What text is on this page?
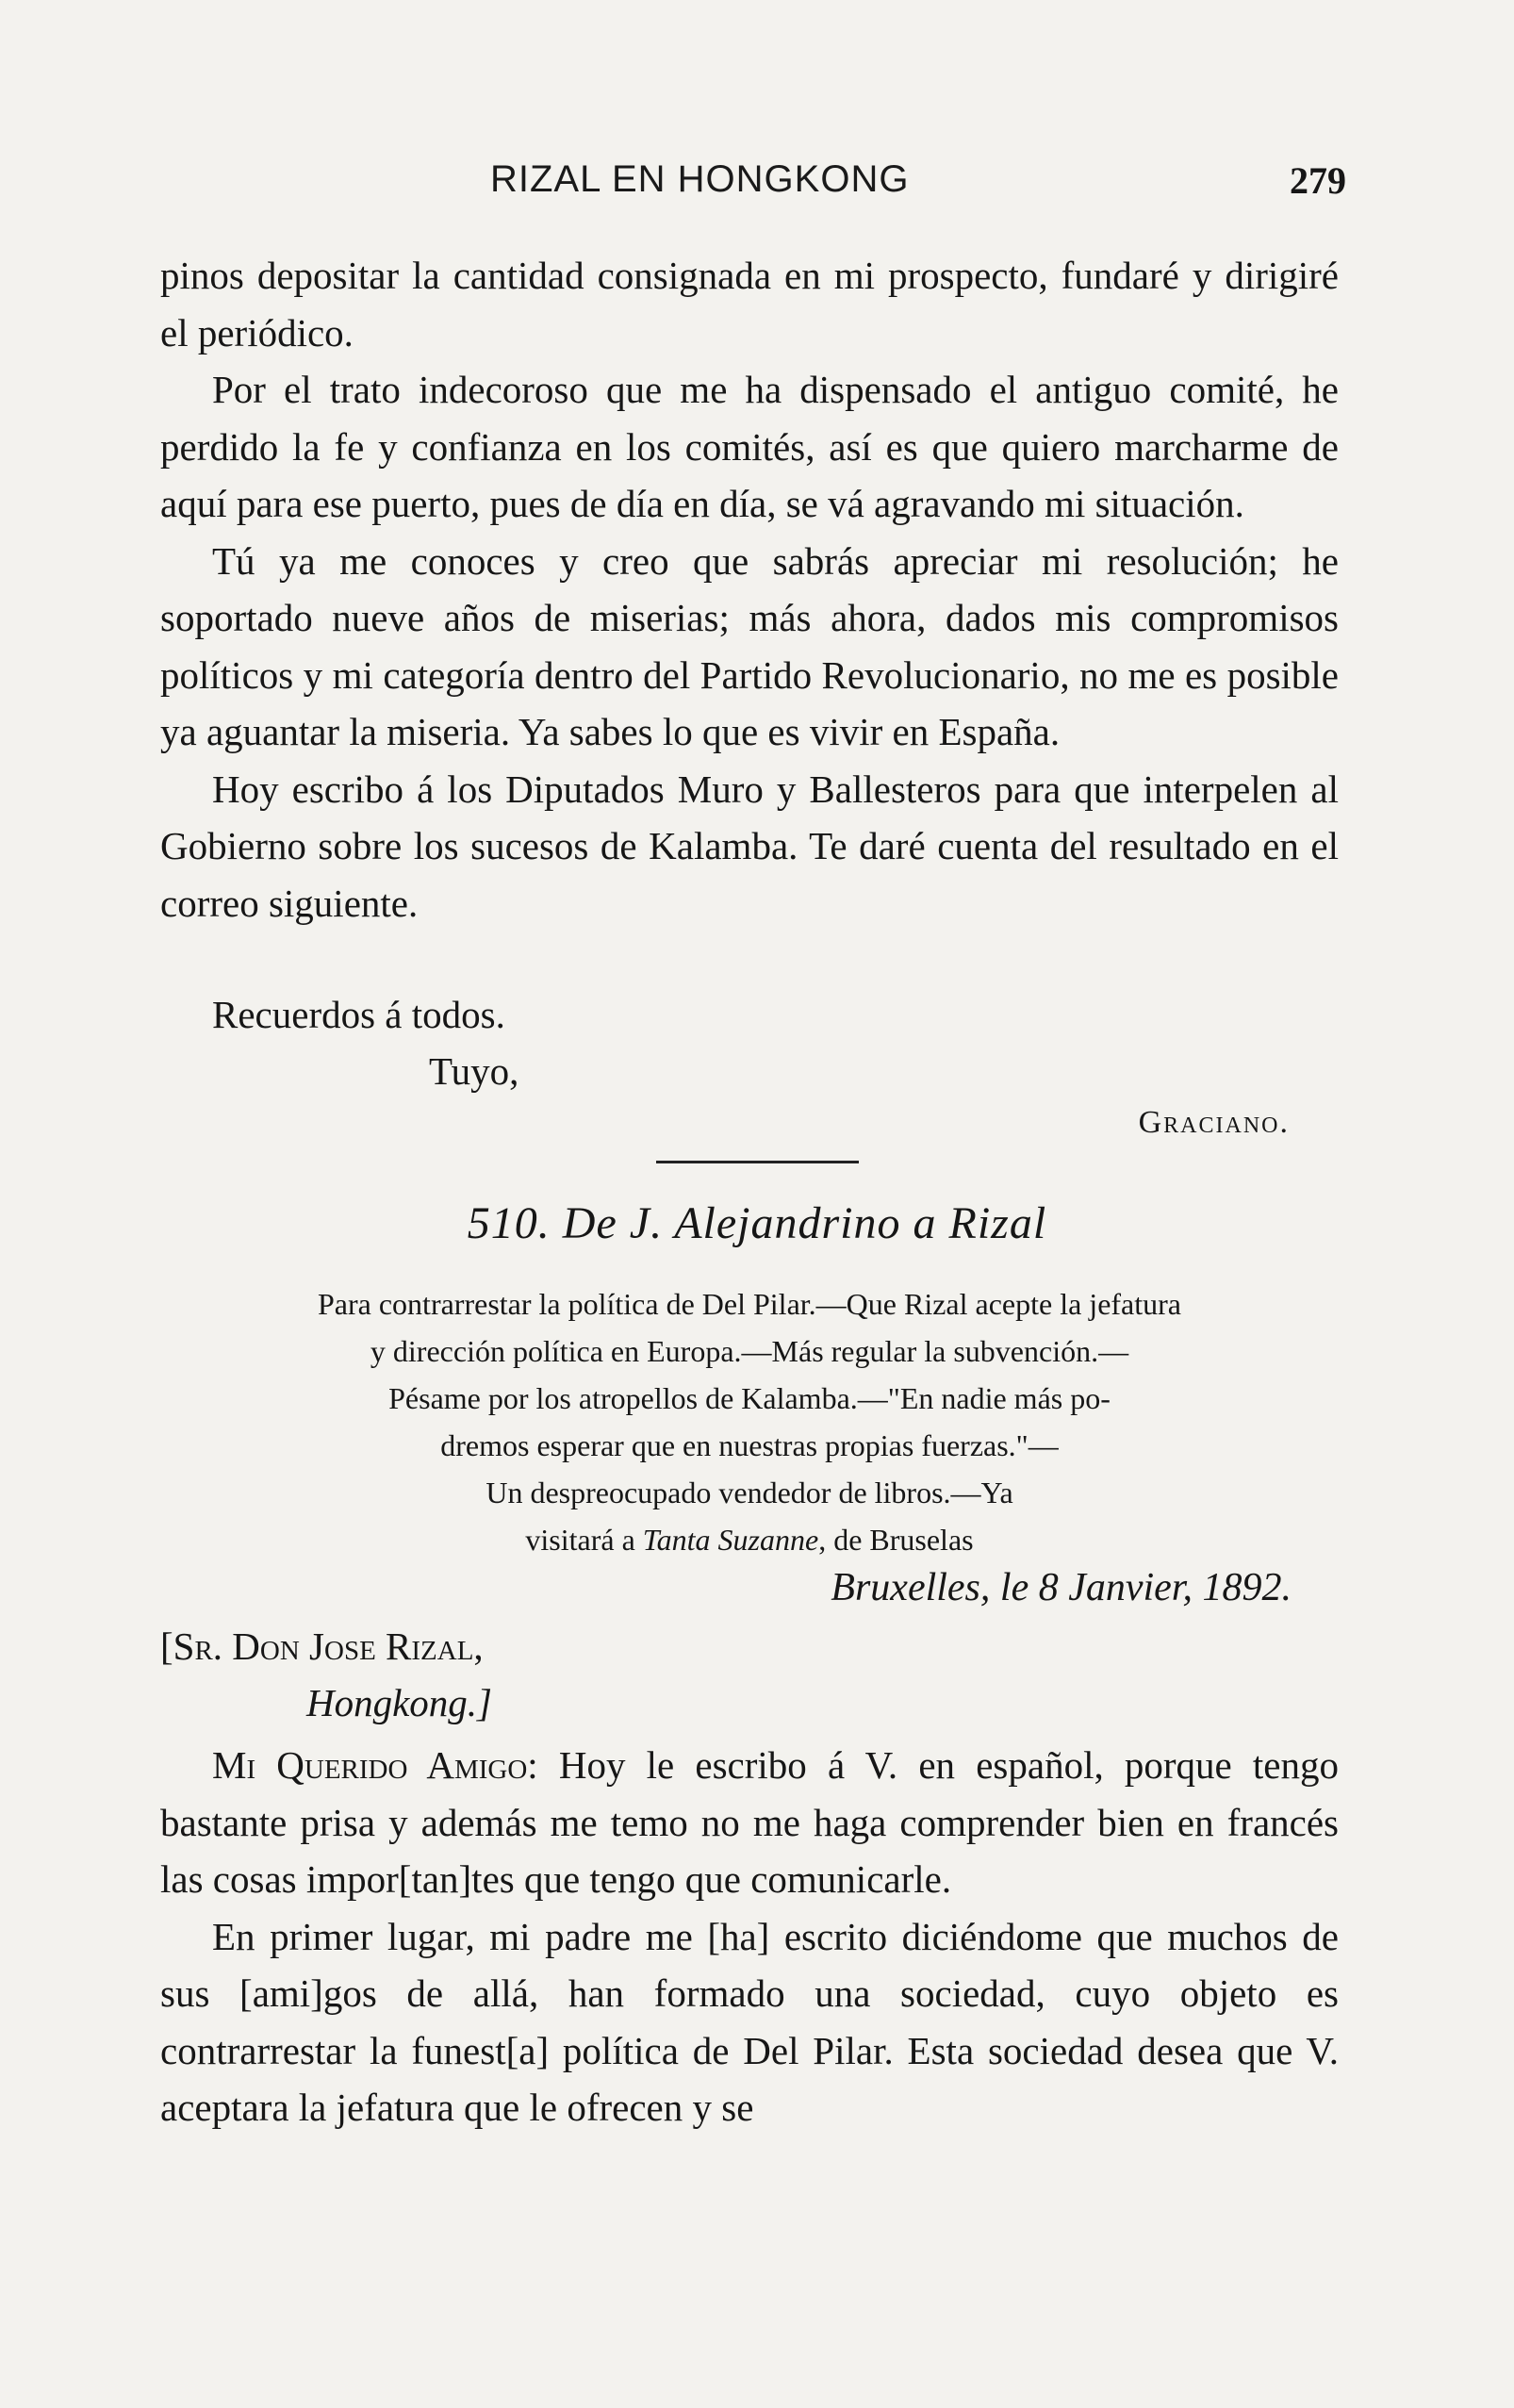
RIZAL EN HONGKONG	279

pinos depositar la cantidad consignada en mi prospecto, fundaré y dirigiré el periódico.

Por el trato indecoroso que me ha dispensado el antiguo comité, he perdido la fe y confianza en los comités, así es que quiero marcharme de aquí para ese puerto, pues de día en día, se vá agravando mi situación.

Tú ya me conoces y creo que sabrás apreciar mi resolución; he soportado nueve años de miserias; más ahora, dados mis compromisos políticos y mi categoría dentro del Partido Revolucionario, no me es posible ya aguantar la miseria. Ya sabes lo que es vivir en España.

Hoy escribo á los Diputados Muro y Ballesteros para que interpelen al Gobierno sobre los sucesos de Kalamba. Te daré cuenta del resultado en el correo siguiente.

Recuerdos á todos.
Tuyo,
Graciano.
510. De J. Alejandrino a Rizal
Para contrarrestar la política de Del Pilar.—Que Rizal acepte la jefatura
y dirección política en Europa.—Más regular la subvención.—
Pésame por los atropellos de Kalamba.—"En nadie más po-
dremos esperar que en nuestras propias fuerzas."—
Un despreocupado vendedor de libros.—Ya
visitará a Tanta Suzanne, de Bruselas
Bruxelles, le 8 Janvier, 1892.
[Sr. Don Jose Rizal,
Hongkong.]

Mi Querido Amigo: Hoy le escribo á V. en español, porque tengo bastante prisa y además me temo no me haga comprender bien en francés las cosas impor[tan]tes que tengo que comunicarle.

En primer lugar, mi padre me [ha] escrito diciéndome que muchos de sus [ami]gos de allá, han formado una sociedad, cuyo objeto es contrarrestar la funest[a] política de Del Pilar. Esta sociedad desea que V. aceptara la jefatura que le ofrecen y se
